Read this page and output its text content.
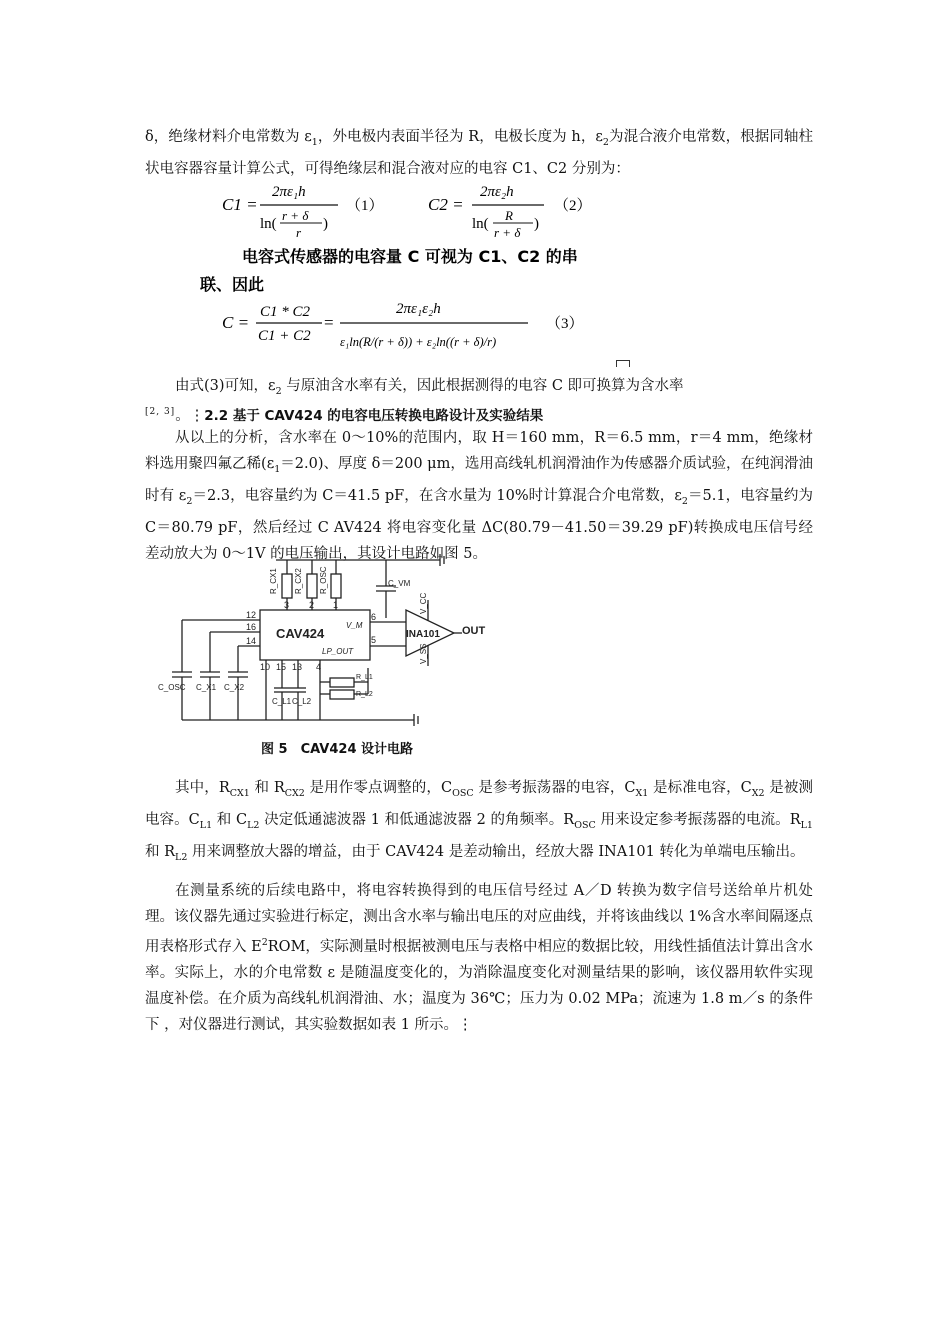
δ，绝缘材料介电常数为 $\varepsilon_1$，外电极内表面半径为 R，电极长度为 h，$\varepsilon_2$为混合液介电常数，根据同轴柱状电容器容量计算公式，可得绝缘层和混合液对应的电容 C1、C2 分别为：

C1 =
2πε₁h
ln(
r + δ
r
)
（1）	C2 =
2πε₂h
ln(
R
r + δ
)
（2）
电容式传感器的电容量 C 可视为 C1、C2 的串
联、因此
C =
C1 * C2
C1 + C2
=
2πε₁ε₂h
ε₁ln(R/(r + δ)) + ε₂ln((r + δ)/r)
（3）

由式(3)可知，$\varepsilon_2$ 与原油含水率有关，因此根据测得的电容 C 即可换算为含水率

[2, 3]。⋮2.2 基于 CAV424 的电容电压转换电路设计及实验结果

从以上的分析，含水率在 0～10%的范围内，取 H＝160 mm，R＝6.5 mm，r＝4 mm，绝缘材料选用聚四氟乙稀$(\varepsilon_1=2.0)$、厚度 δ＝200 μm，选用高线轧机润滑油作为传感器介质试验，在纯润滑油时有 $\varepsilon_2=2.3$，电容量约为 C＝41.5 pF，在含水量为 10%时计算混合介电常数，$\varepsilon_2=5.1$，电容量约为 C＝80.79 pF，然后经过 C AV424 将电容变化量 ΔC(80.79－41.50＝39.29 pF)转换成电压信号经差动放大为 0～1V 的电压输出，其设计电路如图 5。

R_CX1 R_CX2 R_OSC	C_VM
CAV424
V_M
LP_OUT
12
16
14
3 2 1
6
5
10 15 13 4
C_OSC C_X1 C_X2
C_L1 C_L2
R_L1
R_L2
INA101 OUT
V_CC
V_SS
图 5　CAV424 设计电路

其中，$R_{CX1}$ 和 $R_{CX2}$ 是用作零点调整的，$C_{OSC}$ 是参考振荡器的电容，$C_{X1}$ 是标准电容，$C_{X2}$ 是被测电容。$C_{L1}$ 和 $C_{L2}$ 决定低通滤波器 1 和低通滤波器 2 的角频率。$R_{OSC}$ 用来设定参考振荡器的电流。$R_{L1}$ 和 $R_{L2}$ 用来调整放大器的增益，由于 CAV424 是差动输出，经放大器 INA101 转化为单端电压输出。

在测量系统的后续电路中，将电容转换得到的电压信号经过 A／D 转换为数字信号送给单片机处理。该仪器先通过实验进行标定，测出含水率与输出电压的对应曲线，并将该曲线以 1%含水率间隔逐点用表格形式存入 $E^2ROM$，实际测量时根据被测电压与表格中相应的数据比较，用线性插值法计算出含水率。实际上，水的介电常数 ε 是随温度变化的，为消除温度变化对测量结果的影响，该仪器用软件实现温度补偿。在介质为高线轧机润滑油、水；温度为 36℃；压力为 0.02 MPa；流速为 1.8 m／s 的条件下 ，对仪器进行测试，其实验数据如表 1 所示。⋮
